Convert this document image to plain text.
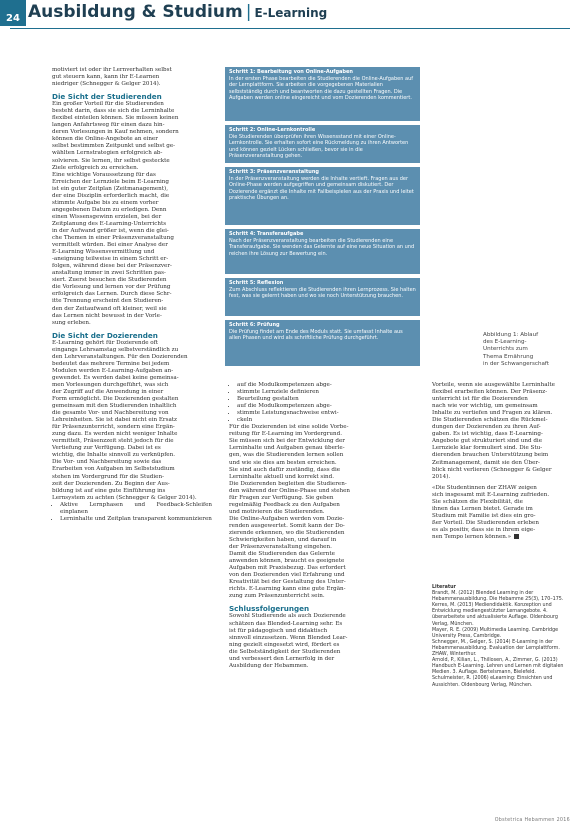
24 Ausbildung & Studium | E-Learning
motiviert ist oder ihr Lernverhalten selbst
gut steuern kann, kann ihr E-Learnen
niedriger (Schnegger & Gelger 2014).
Die Sicht der Studierenden
Ein großer Vorteil für die Studierenden
besteht darin, dass sie sich die Lerninhalte
flexibel einteilen können. Sie müssen keinen
langen Anfahrtsweg für einen dazu hin-
deren Vorlesungen in Kauf nehmen, sondern
können die Online-Angebote an einer
selbst bestimmten Zeitpunkt und selbst ge-
wählten Lernstrategien erfolgreich ab-
solvieren. Sie lernen, ihr selbst gesteckte
Ziele erfolgreich zu erreichen.
Eine wichtige Voraussetzung für das
Erreichen der Lernziele beim E-Learning
ist ein guter Zeitplan (Zeitmanagement),
der eine Disziplin erforderlich macht, die
stimmte Aufgabe bis zu einem vorher
angegebenen Datum zu erledigen. Denn
einen Wissensgewinn erzielen, bei der
Zeitplanung des E-Learning-Unterrichts
in der Aufwand größer ist, wenn die glei-
che Themen in einer Präsenzveranstaltung
vermittelt würden. Bei einer Analyse der
E-Learning Wissensvermittlung und
-aneignung teilweise in einem Schritt er-
folgen, während diese bei der Präsenzver-
anstaltung immer in zwei Schritten pas-
siert. Zuerst besuchen die Studierenden
die Vorlesung und lernen vor der Prüfung
erfolgreich das Lernen. Durch diese Schr-
itte Trennung erscheint den Studieren-
den der Zeitaufwand oft kleiner, weil sie
das Lernen nicht bewusst in der Vorle-
sung erleben.
Die Sicht der Dozierenden
E-Learning gehört für Dozierende oft
eingangs Lehrsamstag selbstverständlich zu
den Lehrveranstaltungen. Für den Dozierenden
bedeutet das mehrere Termine bei jedem
Modulen werden E-Learning-Aufgaben an-
gewendet. Es werden dabei keine gemeinsa-
men Vorlesungen durchgeführt, was sich
der Zugriff auf die Anwendung in einer
Form ermöglicht. Die Dozierenden gestalten
gemeinsam mit den Studierenden inhaltlich
die gesamte Vor- und Nachbereitung von
Lehreinheiten. Sie ist dabei nicht ein Ersatz
für Präsenzunterricht, sondern eine Ergän-
zung dazu. Es werden nicht weniger Inhalte
vermittelt, Präsenzzeit steht jedoch für die
Vertiefung zur Verfügung. Dabei ist es
wichtig, die Inhalte sinnvoll zu verknüpfen.
Die Vor- und Nachbereitung sowie das
Erarbeiten von Aufgaben im Selbststudium
stehen im Vordergrund für die Studien-
zeit der Dozierenden. Zu Beginn der Aus-
bildung ist auf eine gute Einführung ins
Lernsystem zu achten (Schnegger & Gelger 2014).
• Aktive Lernphasen und Feedback-Schleifen einplanen
• Lerninhalte und Zeitplan transparent kommunizieren
Schritt 1: Bearbeitung von Online-Aufgaben
In der ersten Phase bearbeiten die Studierenden die Online-Aufgaben auf der Lernplattform. Sie arbeiten die vorgegebenen Materialien selbstständig durch und beantworten die dazu gestellten Fragen. Die Aufgaben werden online eingereicht und vom Dozierenden kommentiert.
Schritt 2: Online-Lernkontrolle
Die Studierenden überprüfen ihren Wissensstand mit einer Online-Lernkontrolle. Sie erhalten sofort eine Rückmeldung zu ihren Antworten und können gezielt Lücken schließen, bevor sie in die Präsenzveranstaltung gehen.
Schritt 3: Präsenzveranstaltung
In der Präsenzveranstaltung werden die Inhalte vertieft. Fragen aus der Online-Phase werden aufgegriffen und gemeinsam diskutiert. Der Dozierende ergänzt die Inhalte mit Fallbeispielen aus der Praxis und leitet praktische Übungen an.
Schritt 4: Transferaufgabe
Nach der Präsenzveranstaltung bearbeiten die Studierenden eine Transferaufgabe. Sie wenden das Gelernte auf eine neue Situation an und reichen ihre Lösung zur Bewertung ein.
Schritt 5: Reflexion
Zum Abschluss reflektieren die Studierenden ihren Lernprozess. Sie halten fest, was sie gelernt haben und wo sie noch Unterstützung brauchen.
Schritt 6: Prüfung
Die Prüfung findet am Ende des Moduls statt. Sie umfasst Inhalte aus allen Phasen und wird als schriftliche Prüfung durchgeführt.	Abbildung 1: Ablauf
des E-Learning-
Unterrichts zum
Thema Ernährung
in der Schwangerschaft
• auf die Modulkompetenzen abge-
• stimmte Lernziele definieren
• Beurteilung gestalten
• auf die Modulkompetenzen abge-
• stimmte Leistungsnachweise entwi-
• ckeln
Für die Dozierenden ist eine solide Vorbe-
reitung für E-Learning im Vordergrund.
Sie müssen sich bei der Entwicklung der
Lerninhalte und Aufgaben genau überle-
gen, was die Studierenden lernen sollen
und wie sie dies am besten erreichen.
Sie sind auch dafür zuständig, dass die
Lerninhalte aktuell und korrekt sind.
Die Dozierenden begleiten die Studieren-
den während der Online-Phase und stehen
für Fragen zur Verfügung. Sie geben
regelmäßig Feedback zu den Aufgaben
und motivieren die Studierenden.
Die Online-Aufgaben werden vom Dozie-
renden ausgewertet. Somit kann der Do-
zierende erkennen, wo die Studierenden
Schwierigkeiten haben, und darauf in
der Präsenzveranstaltung eingehen.
Damit die Studierenden das Gelernte
anwenden können, braucht es geeignete
Aufgaben mit Praxisbezug. Das erfordert
von den Dozierenden viel Erfahrung und
Kreativität bei der Gestaltung des Unter-
richts. E-Learning kann eine gute Ergän-
zung zum Präsenzunterricht sein.
Schlussfolgerungen
Sowohl Studierende als auch Dozierende
schätzen das Blended-Learning sehr. Es
ist für pädagogisch und didaktisch
sinnvoll einzusetzen. Wenn Blended Lear-
ning gezielt eingesetzt wird, fördert es
die Selbstständigkeit der Studierenden
und verbessert den Lernerfolg in der
Ausbildung der Hebammen.
Vorteile, wenn sie ausgewählte Lerninhalte
flexibel erarbeiten können. Der Präsenz-
unterricht ist für die Dozierenden
nach wie vor wichtig, um gemeinsam
Inhalte zu vertiefen und Fragen zu klären.
Die Studierenden schätzen die Rückmel-
dungen der Dozierenden zu ihren Auf-
gaben. Es ist wichtig, dass E-Learning-
Angebote gut strukturiert sind und die
Lernziele klar formuliert sind. Die Stu-
dierenden brauchen Unterstützung beim
Zeitmanagement, damit sie den Über-
blick nicht verlieren (Schnegger & Gelger
2014).
«Die Studentinnen der ZHAW zeigen
sich insgesamt mit E-Learning zufrieden.
Sie schätzen die Flexibilität, die
ihnen das Lernen bietet. Gerade im
Studium mit Familie ist dies ein gro-
ßer Vorteil. Die Studierenden erleben
es als positiv, dass sie in ihrem eige-
nen Tempo lernen können.»
Literatur
Brandt, M. (2012) Blended Learning in der Hebammenausbildung. Die Hebamme 25(3), 170–175.
Kerres, M. (2013) Mediendidaktik. Konzeption und Entwicklung mediengestützter Lernangebote. 4. überarbeitete und aktualisierte Auflage. Oldenbourg Verlag, München.
Mayer, R. E. (2009) Multimedia Learning. Cambridge University Press, Cambridge.
Schnegger, M., Gelger, S. (2014) E-Learning in der Hebammenausbildung. Evaluation der Lernplattform. ZHAW, Winterthur.
Arnold, P., Kilian, L., Thillosen, A., Zimmer, G. (2013) Handbuch E-Learning. Lehren und Lernen mit digitalen Medien. 3. Auflage. Bertelsmann, Bielefeld.
Schulmeister, R. (2006) eLearning: Einsichten und Aussichten. Oldenbourg Verlag, München.
Obstetrica Hebammen 2016
